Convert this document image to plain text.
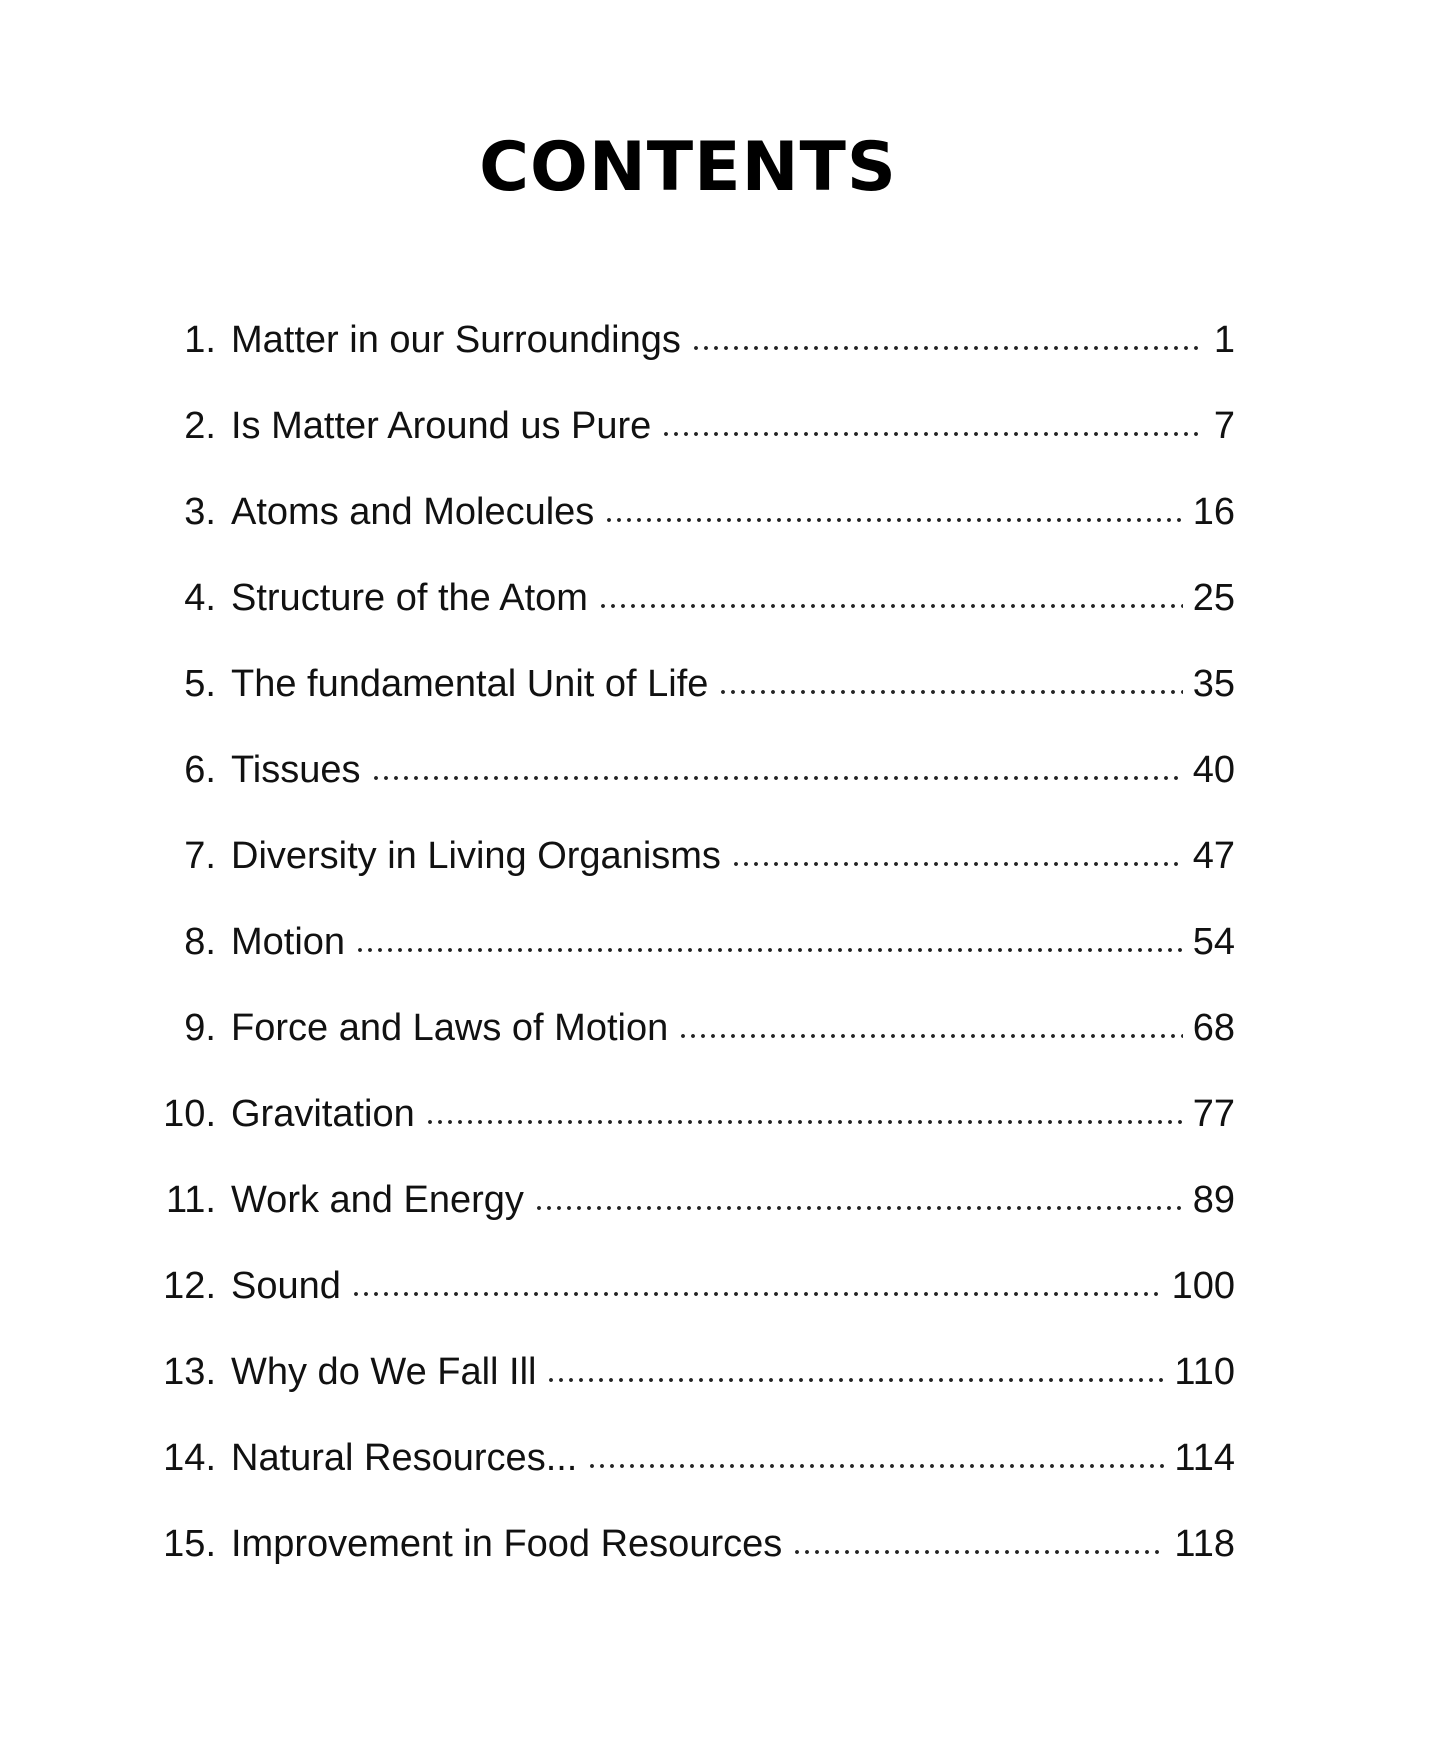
CONTENTS
1. Matter in our Surroundings	1
2. Is Matter Around us Pure	7
3. Atoms and Molecules	16
4. Structure of the Atom	25
5. The fundamental Unit of Life	35
6. Tissues	40
7. Diversity in Living Organisms	47
8. Motion	54
9. Force and Laws of Motion	68
10. Gravitation	77
11. Work and Energy	89
12. Sound	100
13. Why do We Fall Ill	110
14. Natural Resources...	114
15. Improvement in Food Resources	118
